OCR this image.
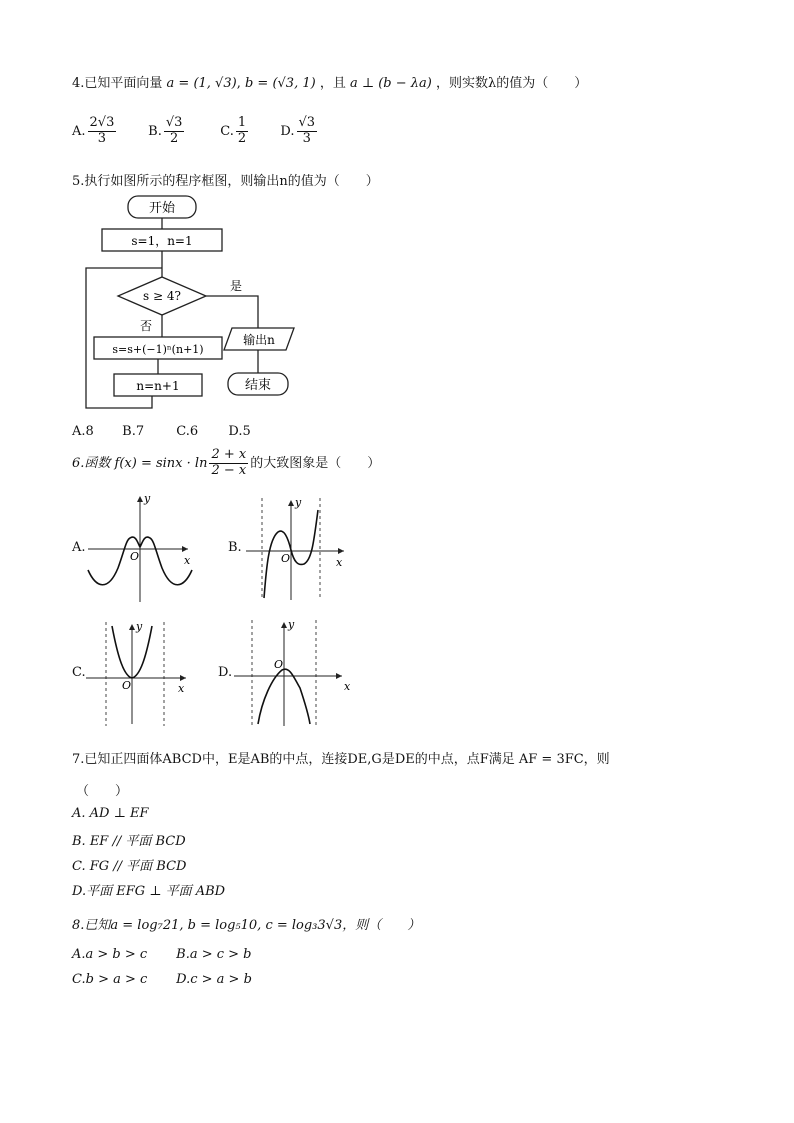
4.已知平面向量 a = (1, √3), b = (√3, 1) ，且 a ⊥ (b − λa) ，则实数λ的值为（　　）
A. $\frac{2√3}{3} B$. $\frac{√3}{2}$	C. $\frac{1}{2} D$. $\frac{√3}{3}$
5.执行如图所示的程序框图，则输出n的值为（　　）
开始
s=1，n=1
s ≥ 4?
是
否
s=s+(−1)ⁿ(n+1)
n=n+1
输出n
结束
A.8 B.7 C.6 D.5
6.函数 $f(x) = \sin x \cdot \ln \frac{2 + x}{2 - x}$ 的大致图象是（　　）
A.
O	x
y
B.
O	x
y
C.
O	x
y
D.
O
x
y
7.已知正四面体ABCD中，E是AB的中点，连接DE,G是DE的中点，点F满足 AF = 3FC，则
（　　）
A. AD ⊥ EF
B. EF // 平面 BCD
C. FG // 平面 BCD
D.平面 EFG ⊥ 平面 ABD
8.已知a = log₇21, b = log₅10, c = log₃3√3，则（　　）
A.a > b > c B.a > c > b
C.b > a > c D.c > a > b
